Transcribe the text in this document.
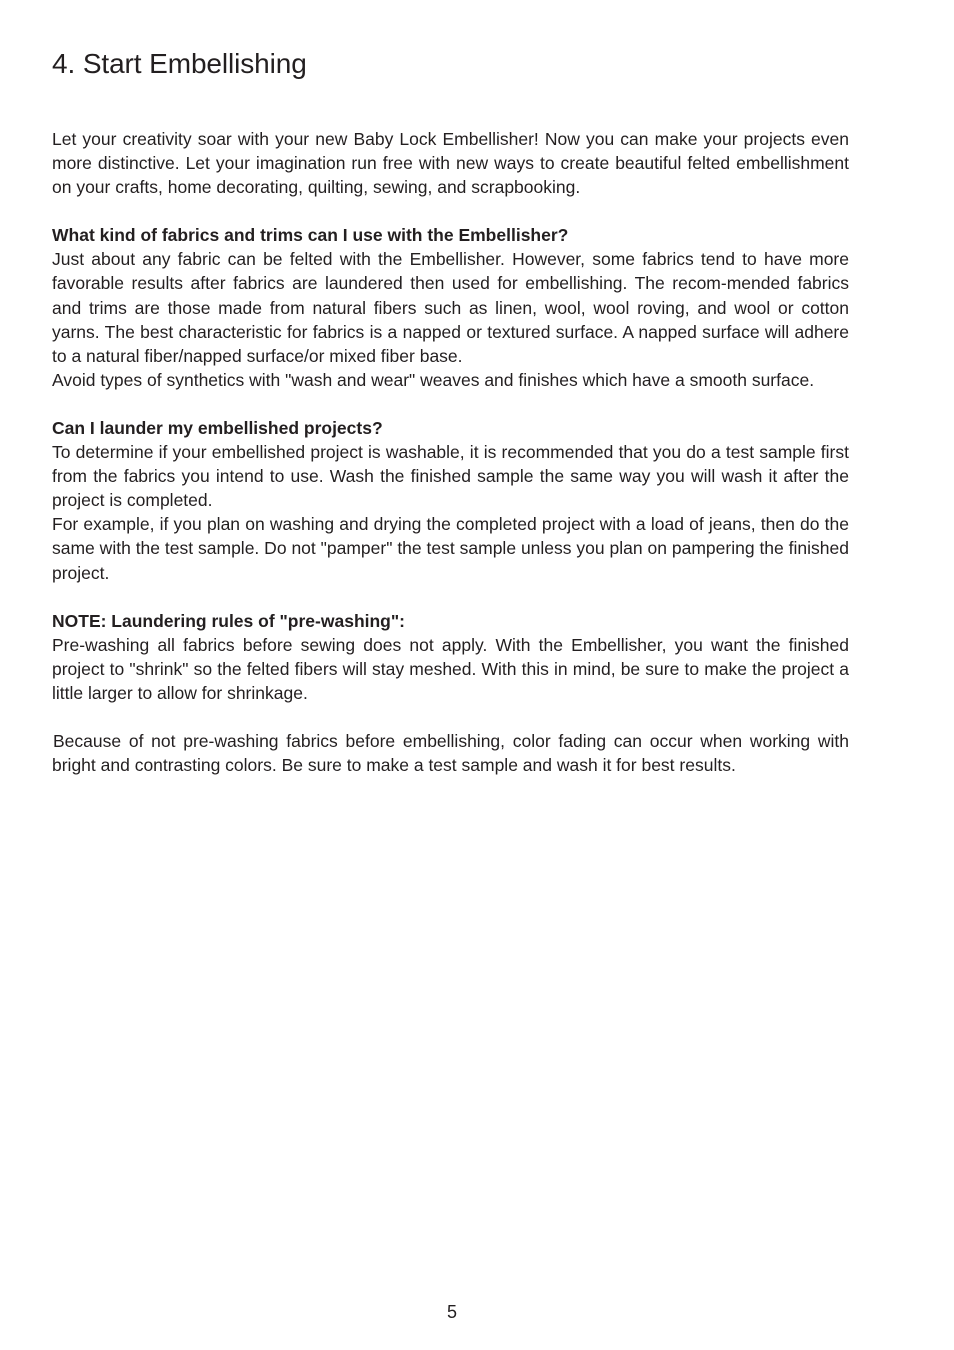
4. Start Embellishing

Let your creativity soar with your new Baby Lock Embellisher! Now you can make your projects even more distinctive. Let your imagination run free with new ways to create beautiful felted embellishment on your crafts, home decorating, quilting, sewing, and scrapbooking.

What kind of fabrics and trims can I use with the Embellisher?

Just about any fabric can be felted with the Embellisher. However, some fabrics tend to have more favorable results after fabrics are laundered then used for embellishing. The recom-mended fabrics and trims are those made from natural fibers such as linen, wool, wool roving, and wool or cotton yarns. The best characteristic for fabrics is a napped or textured surface. A napped surface will adhere to a natural fiber/napped surface/or mixed fiber base.

Avoid types of synthetics with "wash and wear" weaves and finishes which have a smooth surface.

Can I launder my embellished projects?

To determine if your embellished project is washable, it is recommended that you do a test sample first from the fabrics you intend to use. Wash the finished sample the same way you will wash it after the project is completed.

For example, if you plan on washing and drying the completed project with a load of jeans, then do the same with the test sample. Do not "pamper" the test sample unless you plan on pampering the finished project.

NOTE: Laundering rules of "pre-washing":

Pre-washing all fabrics before sewing does not apply. With the Embellisher, you want the finished project to "shrink" so the felted fibers will stay meshed. With this in mind, be sure to make the project a little larger to allow for shrinkage.

Because of not pre-washing fabrics before embellishing, color fading can occur when working with bright and contrasting colors. Be sure to make a test sample and wash it for best results.

5
